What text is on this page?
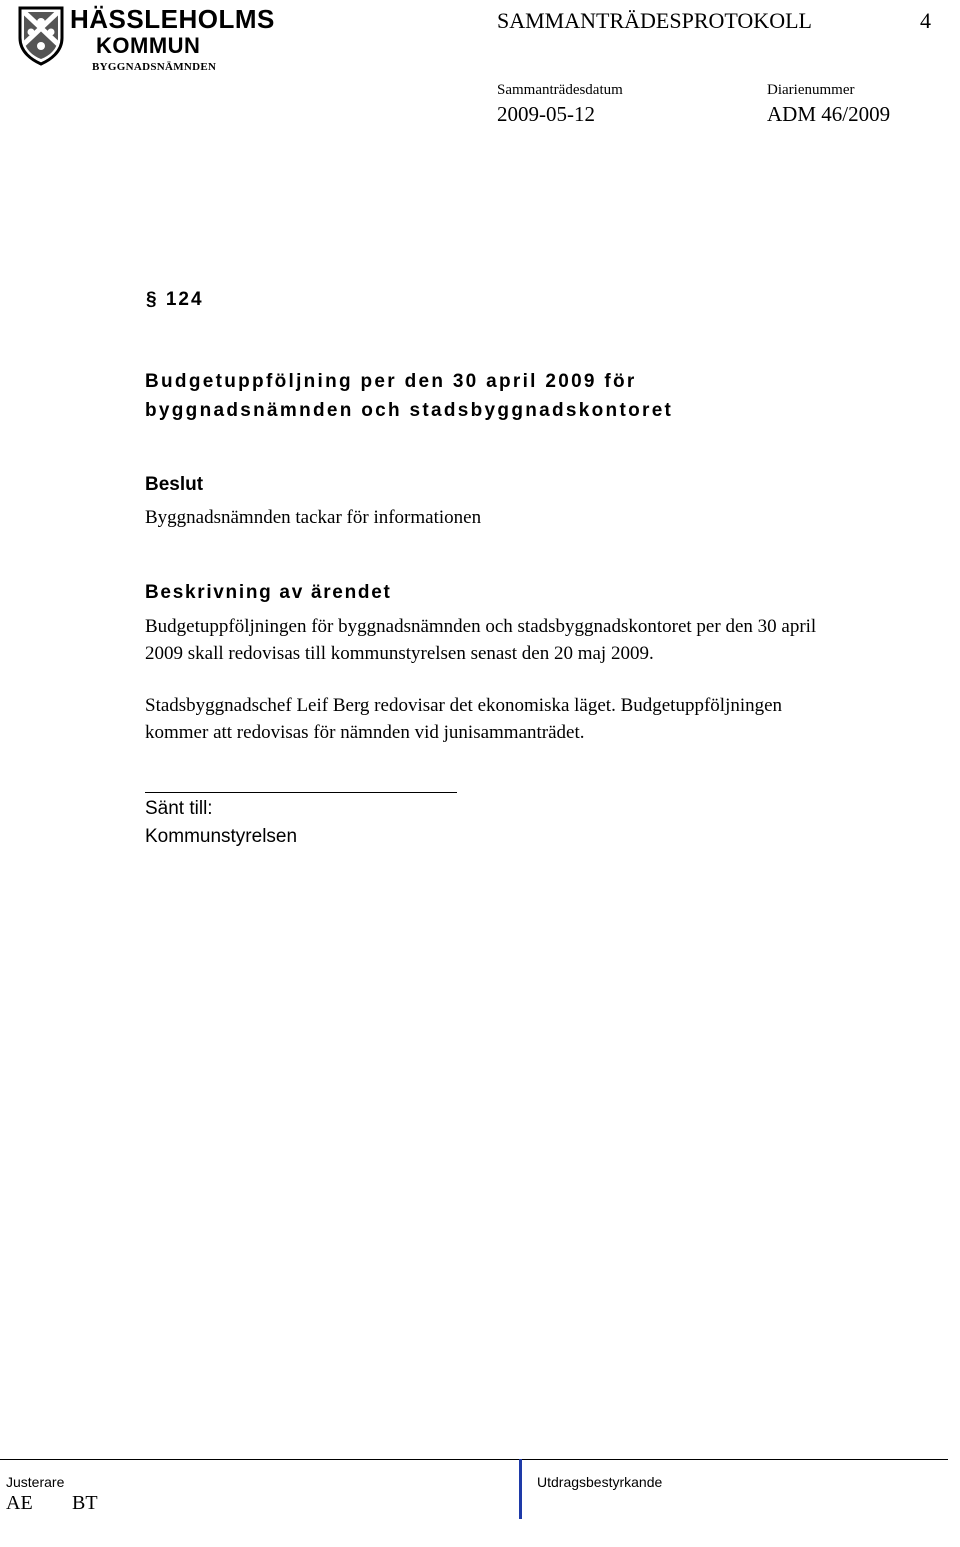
HÄSSLEHOLMS
KOMMUN
BYGGNADSNÄMNDEN
SAMMANTRÄDESPROTOKOLL	4
Sammanträdesdatum
2009-05-12
Diarienummer
ADM 46/2009
§ 124
Budgetuppföljning per den 30 april 2009 för
byggnadsnämnden och stadsbyggnadskontoret
Beslut
Byggnadsnämnden tackar för informationen
Beskrivning av ärendet
Budgetuppföljningen för byggnadsnämnden och stadsbyggnadskontoret per den 30 april
2009 skall redovisas till kommunstyrelsen senast den 20 maj 2009.
Stadsbyggnadschef Leif Berg redovisar det ekonomiska läget. Budgetuppföljningen
kommer att redovisas för nämnden vid junisammanträdet.
Sänt till:
Kommunstyrelsen
Justerare
AE BT
Utdragsbestyrkande
